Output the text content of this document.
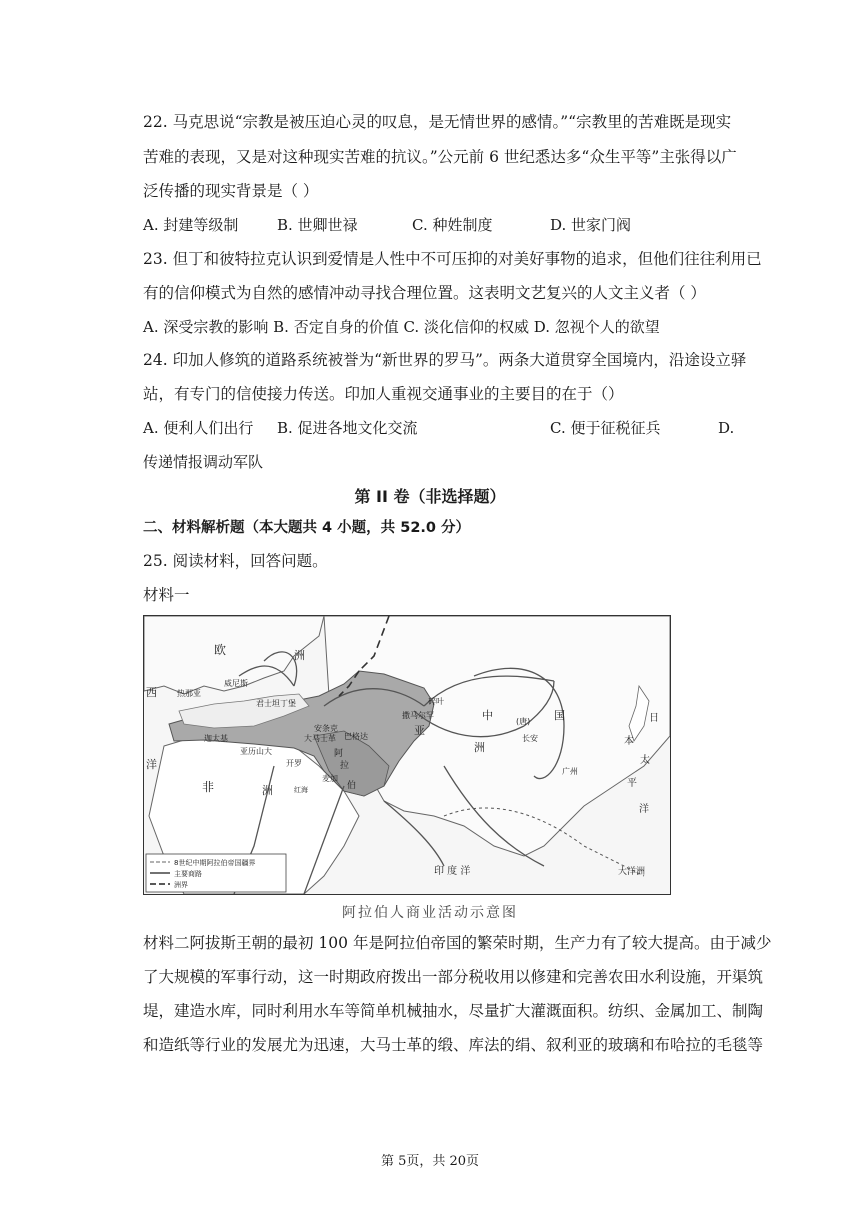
22. 马克思说“宗教是被压迫心灵的叹息，是无情世界的感情。”“宗教里的苦难既是现实
苦难的表现，又是对这种现实苦难的抗议。”公元前 6 世纪悉达多“众生平等”主张得以广
泛传播的现实背景是（ ）
A. 封建等级制	B. 世卿世禄	C. 种姓制度	D. 世家门阀
23. 但丁和彼特拉克认识到爱情是人性中不可压抑的对美好事物的追求，但他们往往利用已
有的信仰模式为自然的感情冲动寻找合理位置。这表明文艺复兴的人文主义者（ ）
A. 深受宗教的影响 B. 否定自身的价值 C. 淡化信仰的权威 D. 忽视个人的欲望
24. 印加人修筑的道路系统被誉为“新世界的罗马”。两条大道贯穿全国境内，沿途设立驿
站，有专门的信使接力传送。印加人重视交通事业的主要目的在于（）
A. 便利人们出行 B. 促进各地文化交流	C. 便于征税征兵	D.
传递情报调动军队
第 II 卷（非选择题）
二、材料解析题（本大题共 4 小题，共 52.0 分）
25. 阅读材料，回答问题。
材料一
欧	洲
西
洋
热那亚
威尼斯
君士坦丁堡
安条克
大马士革 巴格达
亚历山大
开罗
迦太基
撒马尔罕
碎叶
中	国
(唐)
长安
广州
亚
洲
阿
拉
伯
麦加
非	洲	红海
日
本
太
平
洋
印 度 洋	大洋洲
8世纪中期阿拉伯帝国疆界
主要商路
洲界
阿拉伯人商业活动示意图
材料二阿拔斯王朝的最初 100 年是阿拉伯帝国的繁荣时期，生产力有了较大提高。由于减少
了大规模的军事行动，这一时期政府拨出一部分税收用以修建和完善农田水利设施，开渠筑
堤，建造水库，同时利用水车等简单机械抽水，尽量扩大灌溉面积。纺织、金属加工、制陶
和造纸等行业的发展尤为迅速，大马士革的缎、库法的绢、叙利亚的玻璃和布哈拉的毛毯等
第 5页，共 20页
